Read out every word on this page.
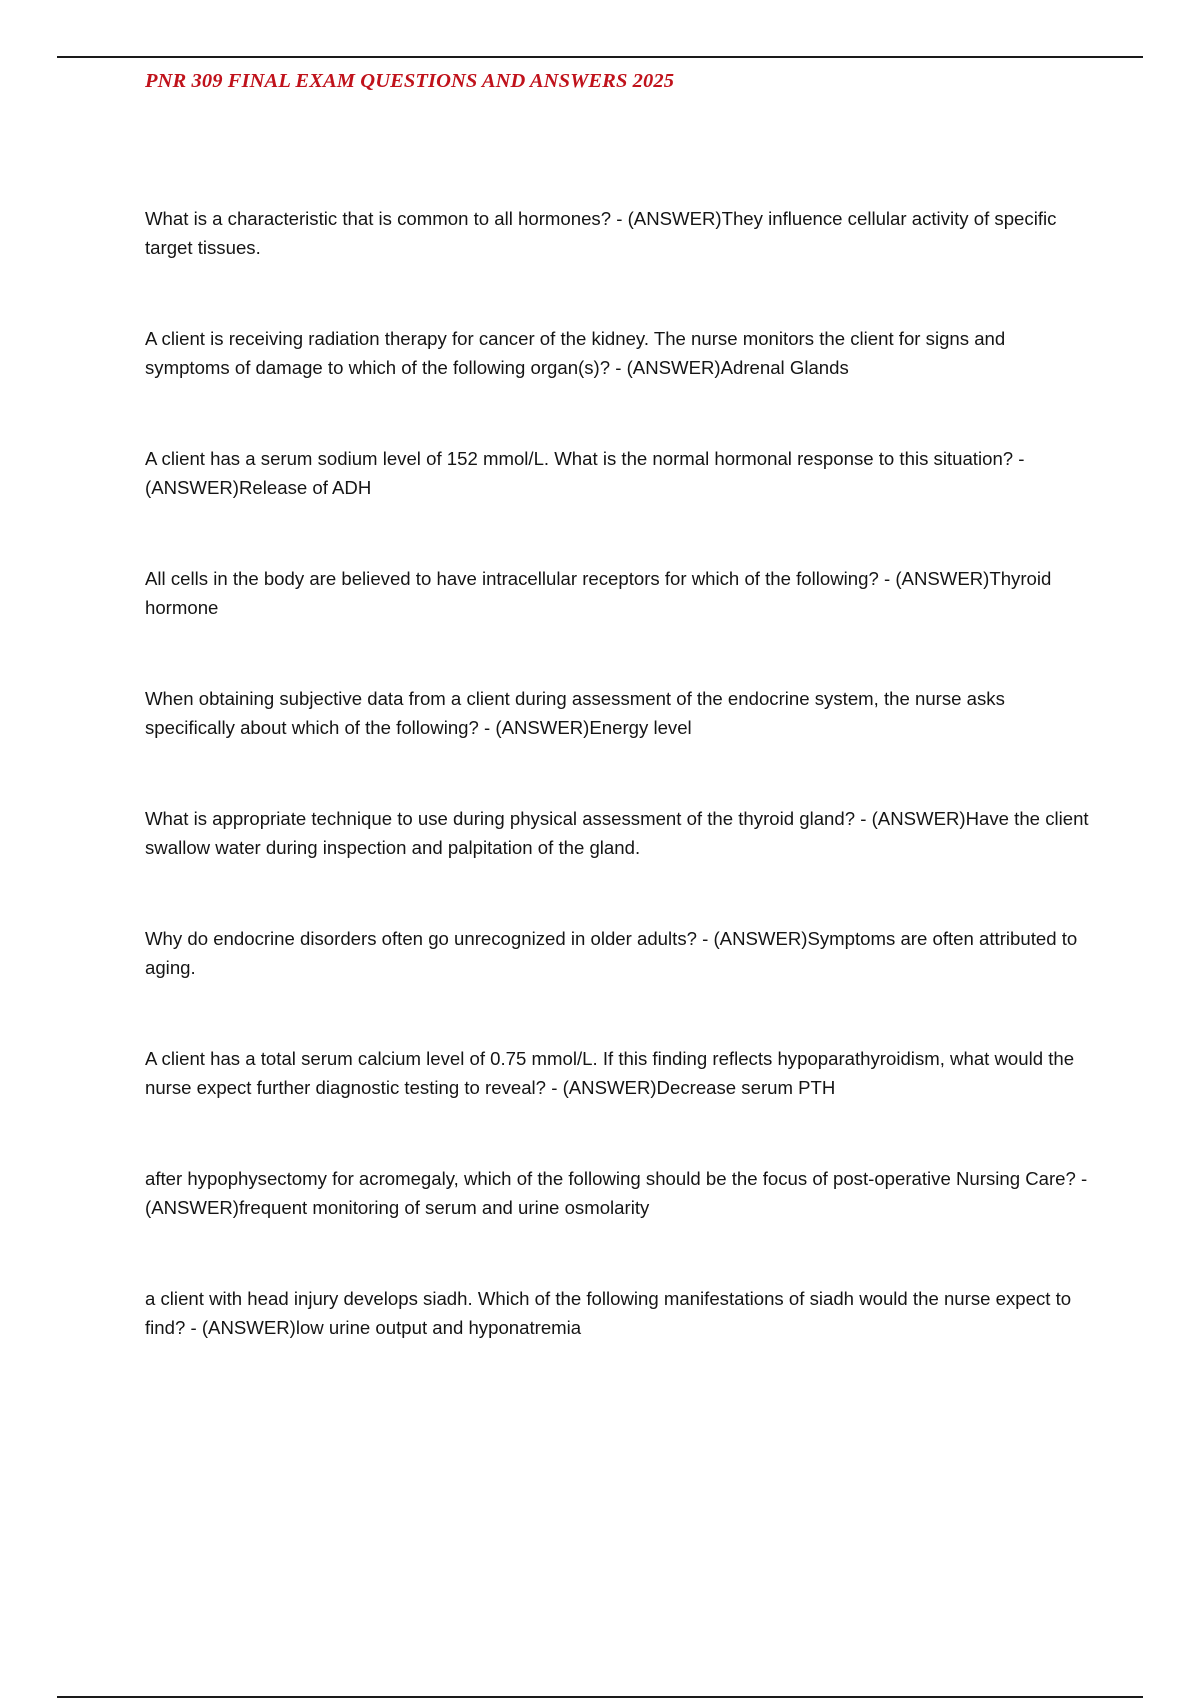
PNR 309 FINAL EXAM QUESTIONS AND ANSWERS 2025

What is a characteristic that is common to all hormones? - (ANSWER)They influence cellular activity of specific target tissues.

A client is receiving radiation therapy for cancer of the kidney. The nurse monitors the client for signs and symptoms of damage to which of the following organ(s)? - (ANSWER)Adrenal Glands

A client has a serum sodium level of 152 mmol/L. What is the normal hormonal response to this situation? - (ANSWER)Release of ADH

All cells in the body are believed to have intracellular receptors for which of the following? - (ANSWER)Thyroid hormone

When obtaining subjective data from a client during assessment of the endocrine system, the nurse asks specifically about which of the following? - (ANSWER)Energy level

What is appropriate technique to use during physical assessment of the thyroid gland? - (ANSWER)Have the client swallow water during inspection and palpitation of the gland.

Why do endocrine disorders often go unrecognized in older adults? - (ANSWER)Symptoms are often attributed to aging.

A client has a total serum calcium level of 0.75 mmol/L. If this finding reflects hypoparathyroidism, what would the nurse expect further diagnostic testing to reveal? - (ANSWER)Decrease serum PTH

after hypophysectomy for acromegaly, which of the following should be the focus of post-operative Nursing Care? - (ANSWER)frequent monitoring of serum and urine osmolarity

a client with head injury develops siadh. Which of the following manifestations of siadh would the nurse expect to find? - (ANSWER)low urine output and hyponatremia
